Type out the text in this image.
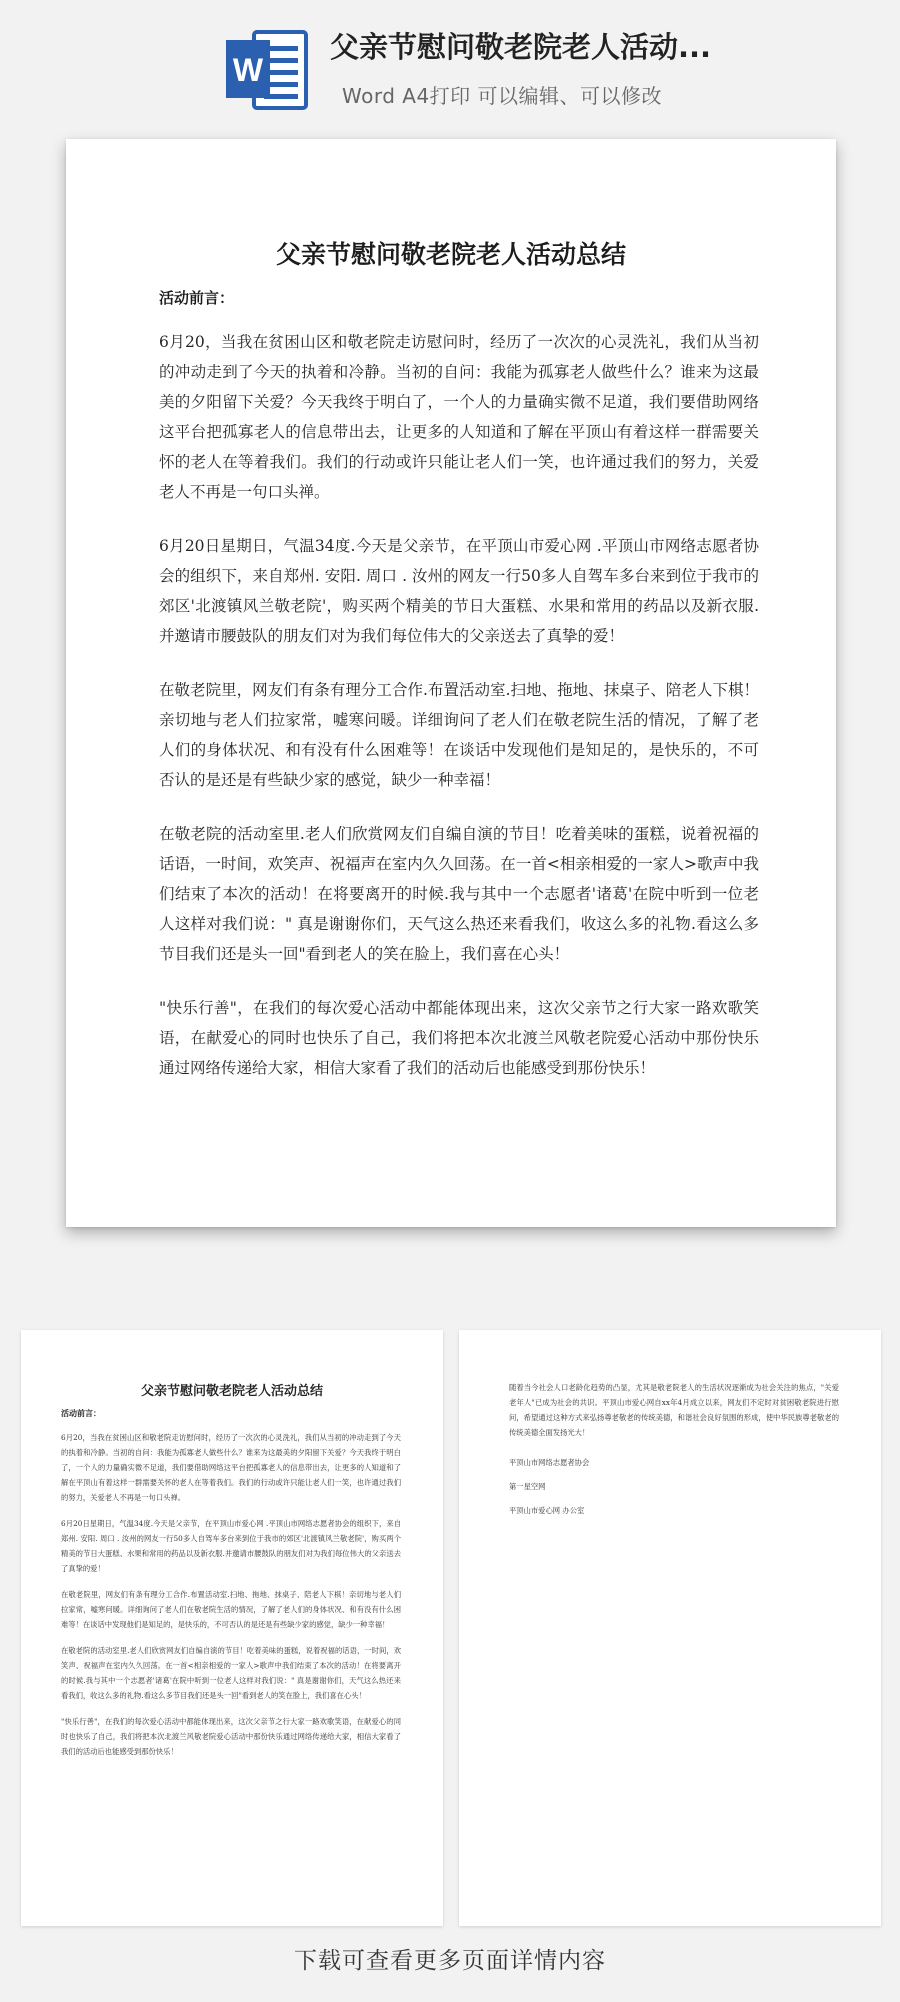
W
父亲节慰问敬老院老人活动...
Word A4打印 可以编辑、可以修改
父亲节慰问敬老院老人活动总结
活动前言：

6月20，当我在贫困山区和敬老院走访慰问时，经历了一次次的心灵洗礼，我们从当初的冲动走到了今天的执着和冷静。当初的自问：我能为孤寡老人做些什么？谁来为这最美的夕阳留下关爱？今天我终于明白了，一个人的力量确实微不足道，我们要借助网络这平台把孤寡老人的信息带出去，让更多的人知道和了解在平顶山有着这样一群需要关怀的老人在等着我们。我们的行动或许只能让老人们一笑，也许通过我们的努力，关爱老人不再是一句口头禅。

6月20日星期日，气温34度.今天是父亲节，在平顶山市爱心网 .平顶山市网络志愿者协会的组织下，来自郑州. 安阳. 周口 . 汝州的网友一行50多人自驾车多台来到位于我市的郊区'北渡镇风兰敬老院'，购买两个精美的节日大蛋糕、水果和常用的药品以及新衣服.并邀请市腰鼓队的朋友们对为我们每位伟大的父亲送去了真挚的爱！

在敬老院里，网友们有条有理分工合作.布置活动室.扫地、拖地、抹桌子、陪老人下棋！亲切地与老人们拉家常，嘘寒问暖。详细询问了老人们在敬老院生活的情况，了解了老人们的身体状况、和有没有什么困难等！在谈话中发现他们是知足的，是快乐的，不可否认的是还是有些缺少家的感觉，缺少一种幸福！

在敬老院的活动室里.老人们欣赏网友们自编自演的节目！吃着美味的蛋糕，说着祝福的话语，一时间，欢笑声、祝福声在室内久久回荡。在一首<相亲相爱的一家人>歌声中我们结束了本次的活动！在将要离开的时候.我与其中一个志愿者'诸葛'在院中听到一位老人这样对我们说：" 真是谢谢你们，天气这么热还来看我们，收这么多的礼物.看这么多节目我们还是头一回"看到老人的笑在脸上，我们喜在心头！

"快乐行善"，在我们的每次爱心活动中都能体现出来，这次父亲节之行大家一路欢歌笑语，在献爱心的同时也快乐了自己，我们将把本次北渡兰风敬老院爱心活动中那份快乐通过网络传递给大家，相信大家看了我们的活动后也能感受到那份快乐！

父亲节慰问敬老院老人活动总结
活动前言：

6月20，当我在贫困山区和敬老院走访慰问时，经历了一次次的心灵洗礼，我们从当初的冲动走到了今天的执着和冷静。当初的自问：我能为孤寡老人做些什么？谁来为这最美的夕阳留下关爱？今天我终于明白了，一个人的力量确实微不足道，我们要借助网络这平台把孤寡老人的信息带出去，让更多的人知道和了解在平顶山有着这样一群需要关怀的老人在等着我们。我们的行动或许只能让老人们一笑，也许通过我们的努力，关爱老人不再是一句口头禅。

6月20日星期日，气温34度.今天是父亲节，在平顶山市爱心网 .平顶山市网络志愿者协会的组织下，来自郑州. 安阳. 周口 . 汝州的网友一行50多人自驾车多台来到位于我市的郊区'北渡镇风兰敬老院'，购买两个精美的节日大蛋糕、水果和常用的药品以及新衣服.并邀请市腰鼓队的朋友们对为我们每位伟大的父亲送去了真挚的爱！

在敬老院里，网友们有条有理分工合作.布置活动室.扫地、拖地、抹桌子、陪老人下棋！亲切地与老人们拉家常，嘘寒问暖。详细询问了老人们在敬老院生活的情况，了解了老人们的身体状况、和有没有什么困难等！在谈话中发现他们是知足的，是快乐的，不可否认的是还是有些缺少家的感觉，缺少一种幸福！

在敬老院的活动室里.老人们欣赏网友们自编自演的节目！吃着美味的蛋糕，说着祝福的话语，一时间，欢笑声、祝福声在室内久久回荡。在一首<相亲相爱的一家人>歌声中我们结束了本次的活动！在将要离开的时候.我与其中一个志愿者'诸葛'在院中听到一位老人这样对我们说：" 真是谢谢你们，天气这么热还来看我们，收这么多的礼物.看这么多节目我们还是头一回"看到老人的笑在脸上，我们喜在心头！

"快乐行善"，在我们的每次爱心活动中都能体现出来，这次父亲节之行大家一路欢歌笑语，在献爱心的同时也快乐了自己，我们将把本次北渡兰风敬老院爱心活动中那份快乐通过网络传递给大家，相信大家看了我们的活动后也能感受到那份快乐！

随着当今社会人口老龄化趋势的凸显，尤其是敬老院老人的生活状况逐渐成为社会关注的焦点，"关爱老年人"已成为社会的共识。平顶山市爱心网自xx年4月成立以来，网友们不定时对贫困敬老院进行慰问，希望通过这种方式来弘扬尊老敬老的传统美德，和谐社会良好氛围的形成，使中华民族尊老敬老的传统美德全面发扬光大！

平顶山市网络志愿者协会
第一星空网
平顶山市爱心网 办公室
下载可查看更多页面详情内容
